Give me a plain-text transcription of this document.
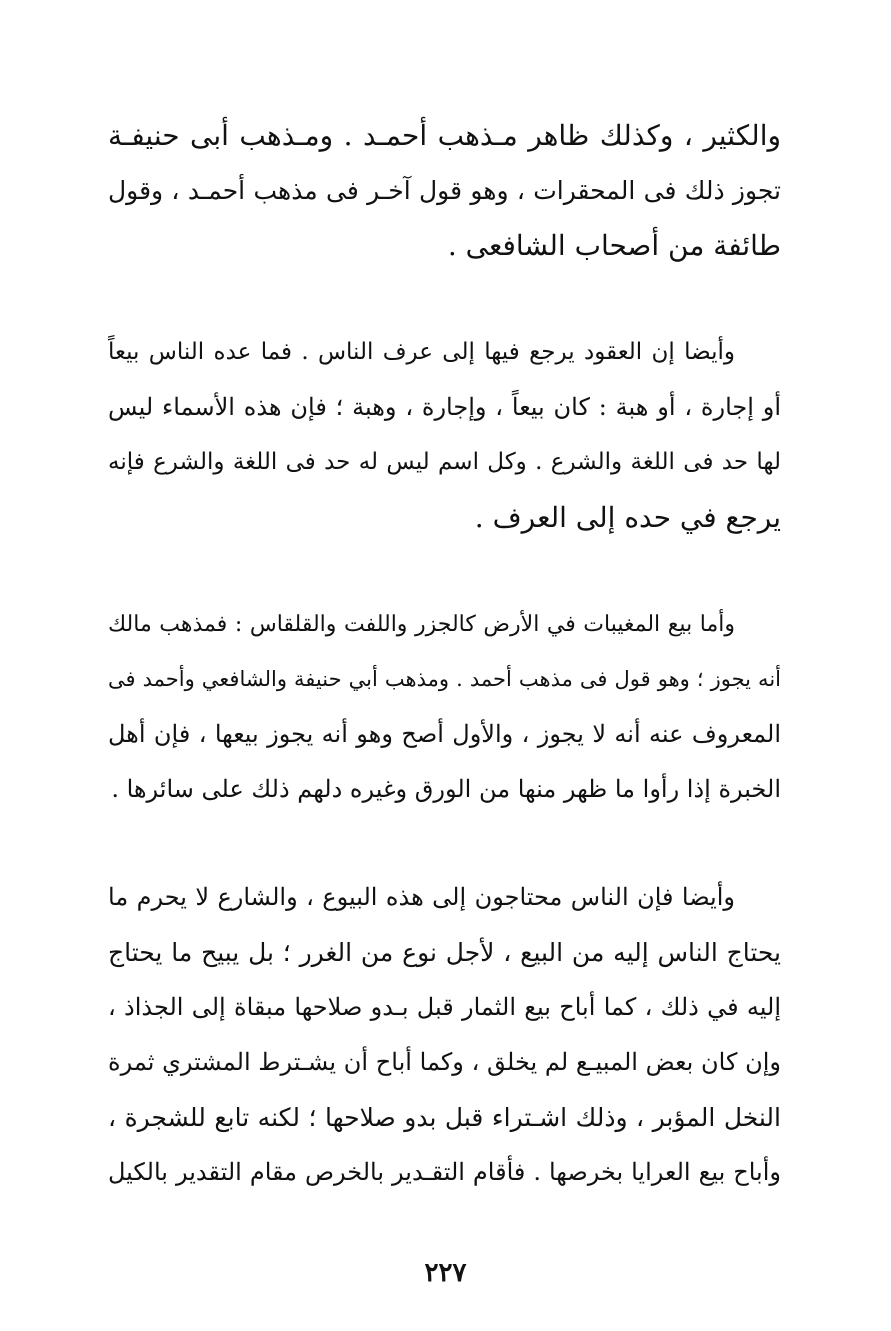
والكثير ، وكذلك ظاهر مـذهب أحمـد . ومـذهب أبى حنيفـة
تجوز ذلك فى المحقرات ، وهو قول آخـر فى مذهب أحمـد ، وقول
طائفة من أصحاب الشافعى .
وأيضا إن العقود يرجع فيها إلى عرف الناس . فما عده الناس بيعاً
أو إجارة ، أو هبة : كان بيعاً ، وإجارة ، وهبة ؛ فإن هذه الأسماء ليس
لها حد فى اللغة والشرع . وكل اسم ليس له حد فى اللغة والشرع فإنه
يرجع في حده إلى العرف .
وأما بيع المغيبات في الأرض كالجزر واللفت والقلقاس : فمذهب مالك
أنه يجوز ؛ وهو قول فى مذهب أحمد . ومذهب أبي حنيفة والشافعي وأحمد فى
المعروف عنه أنه لا يجوز ، والأول أصح وهو أنه يجوز بيعها ، فإن أهل
الخبرة إذا رأوا ما ظهر منها من الورق وغيره دلهم ذلك على سائرها .
وأيضا فإن الناس محتاجون إلى هذه البيوع ، والشارع لا يحرم ما
يحتاج الناس إليه من البيع ، لأجل نوع من الغرر ؛ بل يبيح ما يحتاج
إليه في ذلك ، كما أباح بيع الثمار قبل بـدو صلاحها مبقاة إلى الجذاذ ،
وإن كان بعض المبيـع لم يخلق ، وكما أباح أن يشـترط المشتري ثمرة
النخل المؤبر ، وذلك اشـتراء قبل بدو صلاحها ؛ لكنه تابع للشجرة ،
وأباح بيع العرايا بخرصها . فأقام التقـدير بالخرص مقام التقدير بالكيل
٢٢٧
